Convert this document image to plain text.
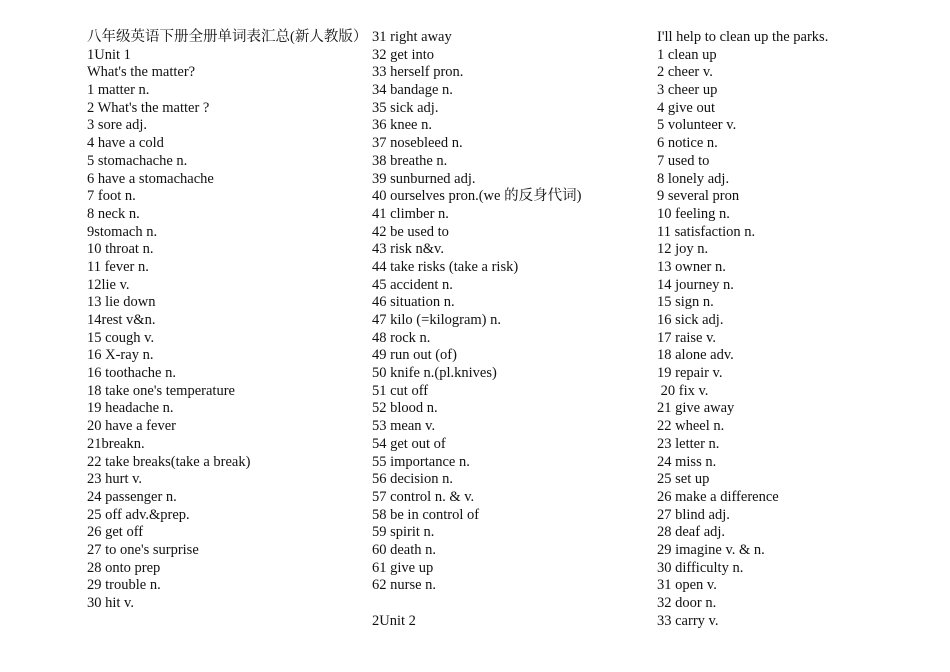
八年级英语下册全册单词表汇总(新人教版）
1Unit 1
What's the matter?
1 matter n.
2 What's the matter ?
3 sore adj.
4 have a cold
5 stomachache n.
6 have a stomachache
7 foot n.
8 neck n.
9stomach n.
10 throat n.
11 fever n.
12lie v.
13 lie down
14rest v&n.
15 cough v.
16 X-ray n.
16 toothache n.
18 take one's temperature
19 headache n.
20 have a fever
21breakn.
22 take breaks(take a break)
23 hurt v.
24 passenger n.
25 off adv.&prep.
26 get off
27 to one's surprise
28 onto prep
29 trouble n.
30 hit v.
31 right away
32 get into
33 herself pron.
34 bandage n.
35 sick adj.
36 knee n.
37 nosebleed n.
38 breathe n.
39 sunburned adj.
40 ourselves pron.(we 的反身代词)
41 climber n.
42 be used to
43 risk n&v.
44 take risks (take a risk)
45 accident n.
46 situation n.
47 kilo (=kilogram) n.
48 rock n.
49 run out (of)
50 knife n.(pl.knives)
51 cut off
52 blood n.
53 mean v.
54 get out of
55 importance n.
56 decision n.
57 control n. & v.
58 be in control of
59 spirit n.
60 death n.
61 give up
62 nurse n.
2Unit 2
I'll help to clean up the parks.
1 clean up
2 cheer v.
3 cheer up
4 give out
5 volunteer v.
6 notice n.
7 used to
8 lonely adj.
9 several pron
10 feeling n.
11 satisfaction n.
12 joy n.
13 owner n.
14 journey n.
15 sign n.
16 sick adj.
17 raise v.
18 alone adv.
19 repair v.
20 fix v.
21 give away
22 wheel n.
23 letter n.
24 miss n.
25 set up
26 make a difference
27 blind adj.
28 deaf adj.
29 imagine v. & n.
30 difficulty n.
31 open v.
32 door n.
33 carry v.
